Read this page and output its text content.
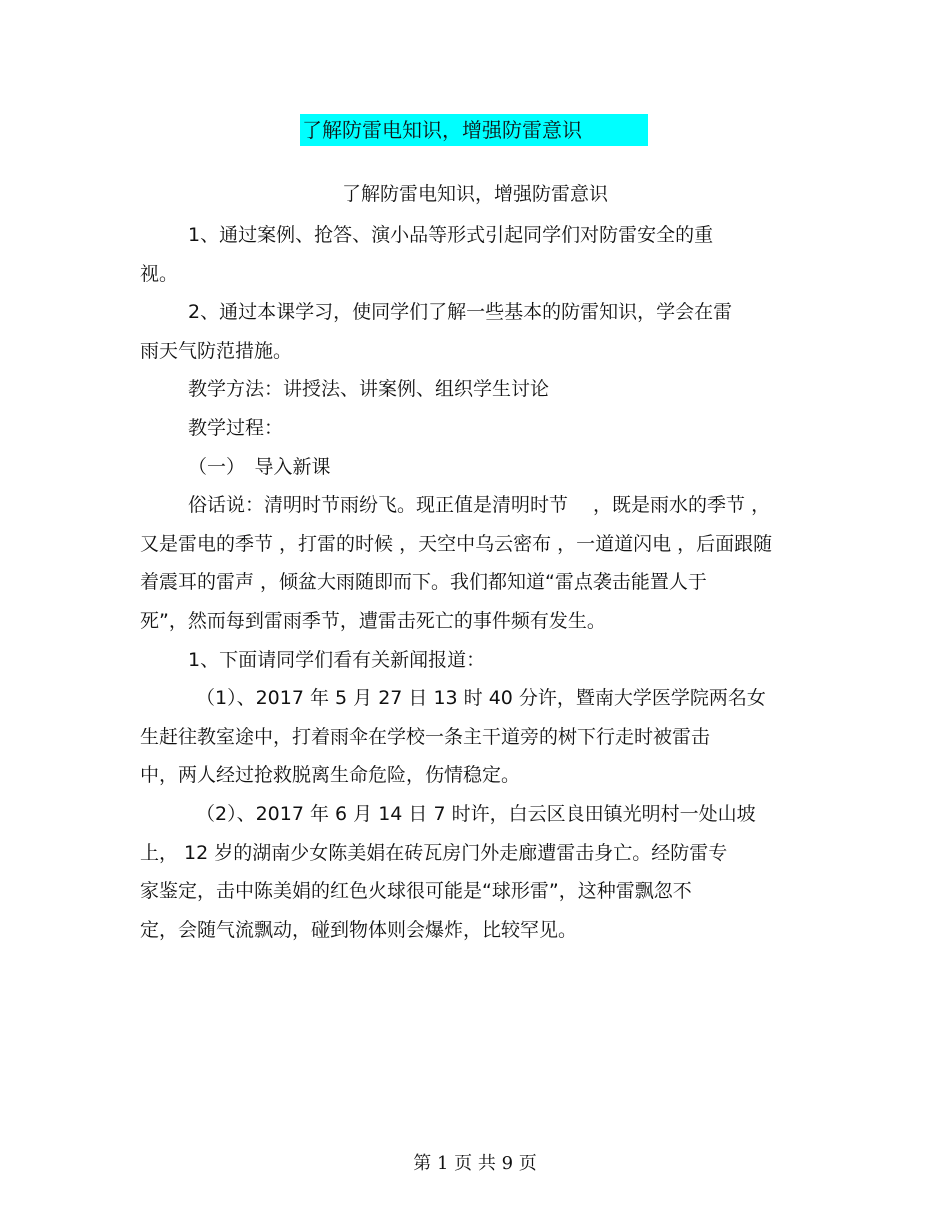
了解防雷电知识，增强防雷意识
了解防雷电知识，增强防雷意识
1、通过案例、抢答、演小品等形式引起同学们对防雷安全的重
视。
2、通过本课学习，使同学们了解一些基本的防雷知识，学会在雷
雨天气防范措施。
教学方法：讲授法、讲案例、组织学生讨论
教学过程：
（一）　导入新课
俗话说：清明时节雨纷飞。现正值是清明时节　 ，既是雨水的季节 ，
又是雷电的季节 ，打雷的时候 ，天空中乌云密布 ，一道道闪电 ，后面跟随
着震耳的雷声 ，倾盆大雨随即而下。我们都知道“雷点袭击能置人于
死”，然而每到雷雨季节，遭雷击死亡的事件频有发生。
1、下面请同学们看有关新闻报道：
（1）、2017 年 5 月 27 日 13 时 40 分许，暨南大学医学院两名女
生赶往教室途中，打着雨伞在学校一条主干道旁的树下行走时被雷击
中，两人经过抢救脱离生命危险，伤情稳定。
（2）、2017 年 6 月 14 日 7 时许，白云区良田镇光明村一处山坡
上， 12 岁的湖南少女陈美娟在砖瓦房门外走廊遭雷击身亡。经防雷专
家鉴定，击中陈美娟的红色火球很可能是“球形雷”，这种雷飘忽不
定，会随气流飘动，碰到物体则会爆炸，比较罕见。
第 1 页 共 9 页
